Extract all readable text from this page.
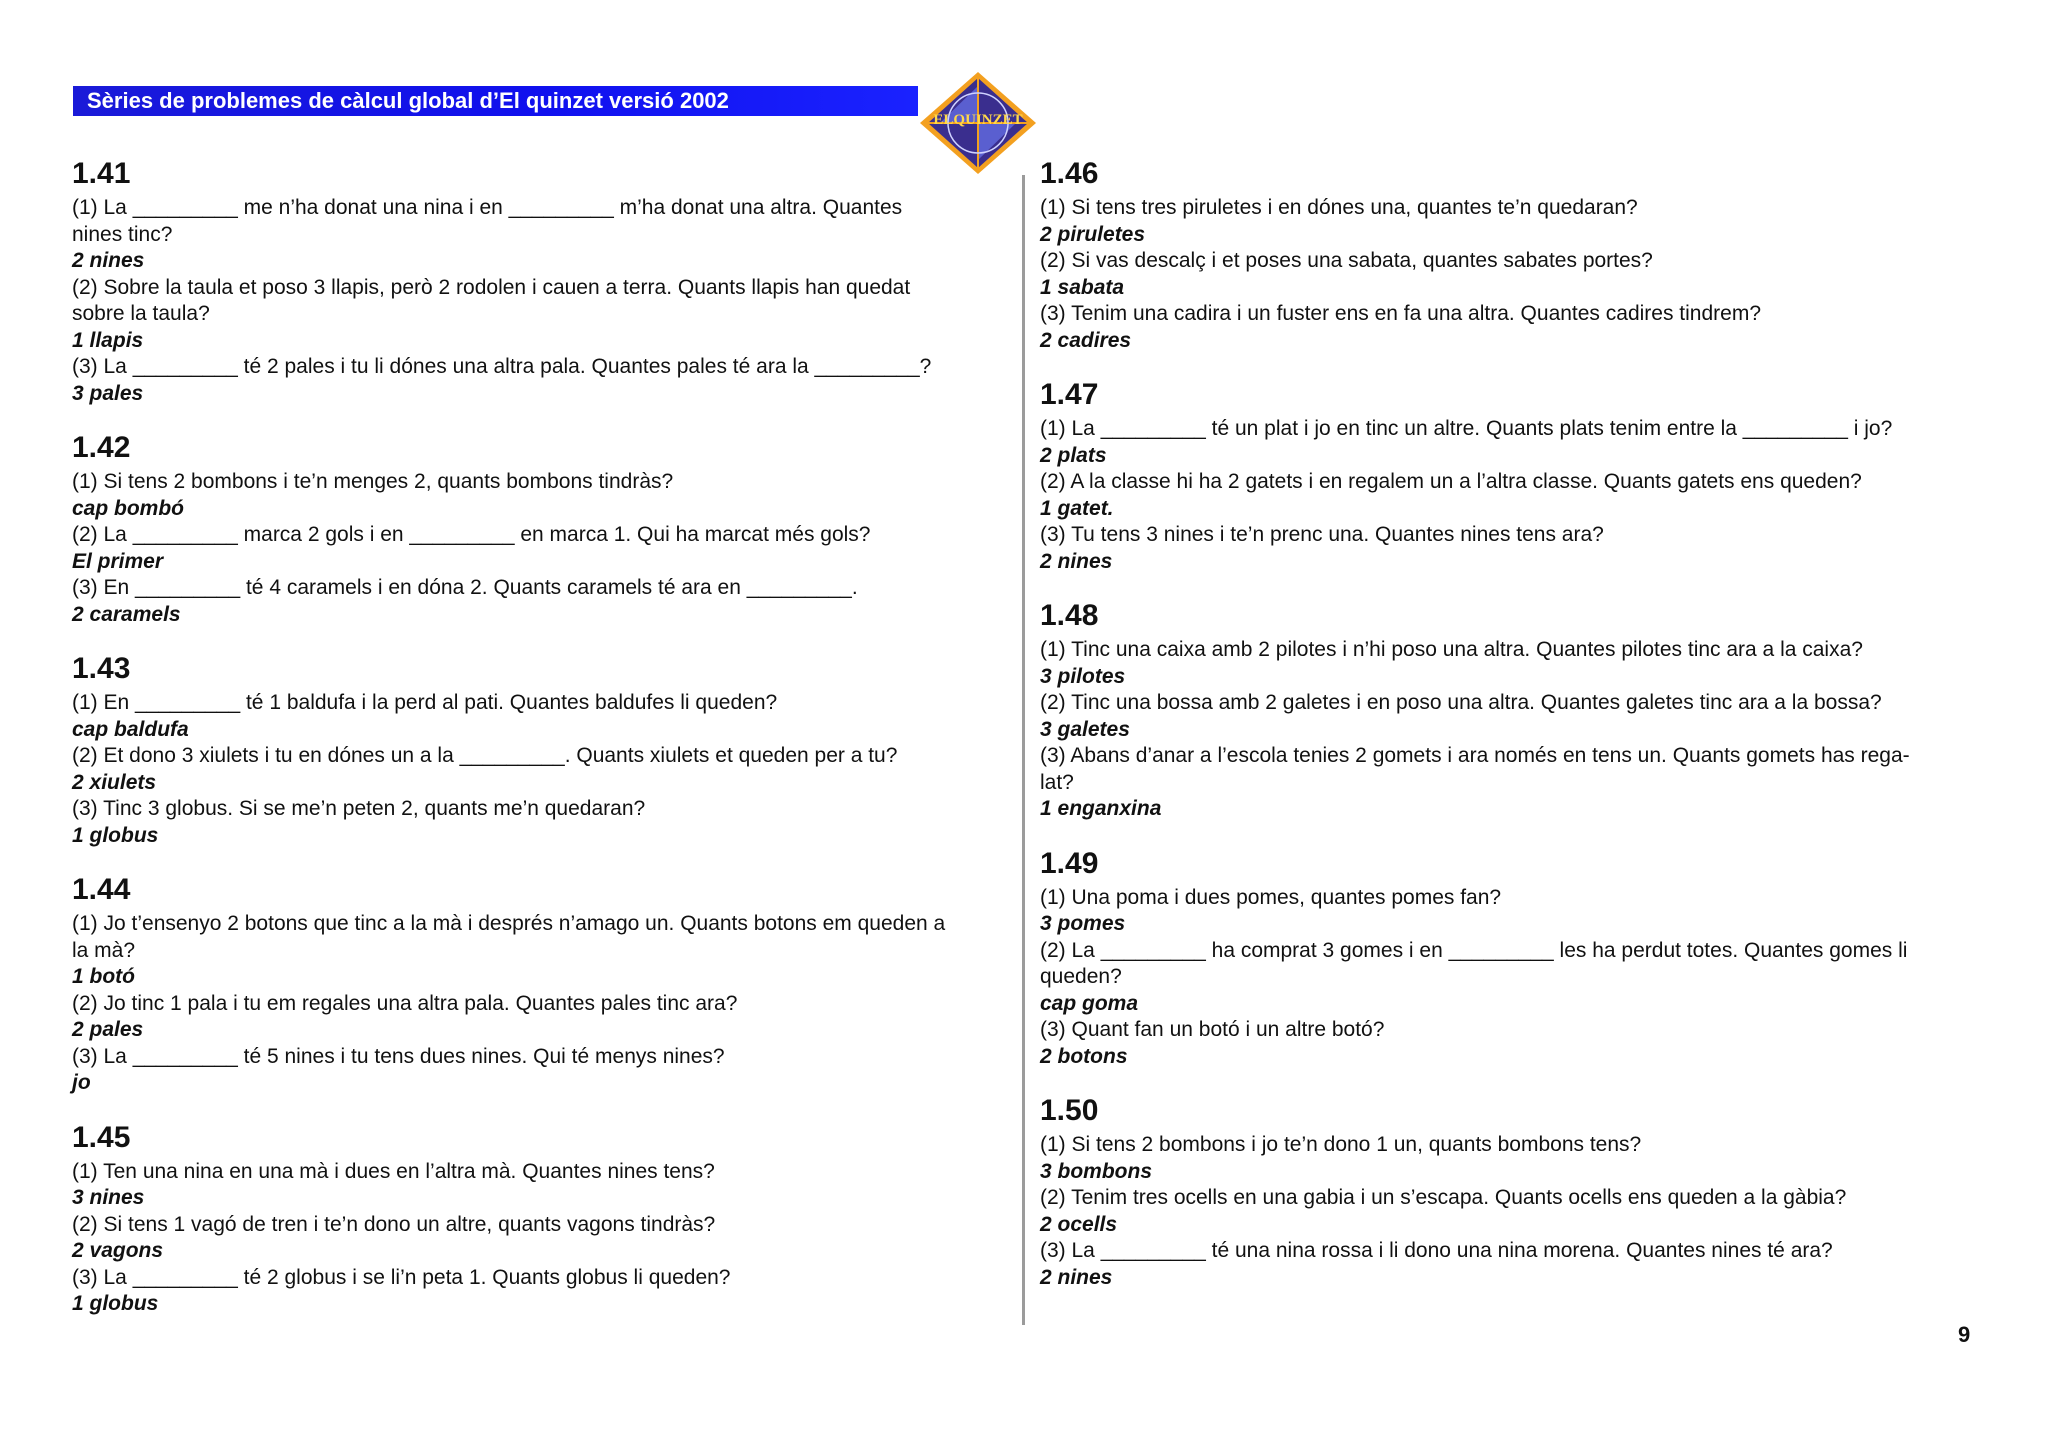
Sèries de problemes de càlcul global d’El quinzet versió 2002
ELQUINZET
1.41
(1) La _________ me n’ha donat una nina i en _________ m’ha donat una altra. Quantes
nines tinc?
2 nines
(2) Sobre la taula et poso 3 llapis, però 2 rodolen i cauen a terra. Quants llapis han quedat
sobre la taula?
1 llapis
(3) La _________ té 2 pales i tu li dónes una altra pala. Quantes pales té ara la _________?
3 pales
1.42
(1) Si tens 2 bombons i te’n menges 2, quants bombons tindràs?
cap bombó
(2) La _________ marca 2 gols i en _________ en marca 1. Qui ha marcat més gols?
El primer
(3) En _________ té 4 caramels i en dóna 2. Quants caramels té ara en _________.
2 caramels
1.43
(1) En _________ té 1 baldufa i la perd al pati. Quantes baldufes li queden?
cap baldufa
(2) Et dono 3 xiulets i tu en dónes un a la _________. Quants xiulets et queden per a tu?
2 xiulets
(3) Tinc 3 globus. Si se me’n peten 2, quants me’n quedaran?
1 globus
1.44
(1) Jo t’ensenyo 2 botons que tinc a la mà i després n’amago un. Quants botons em queden a
la mà?
1 botó
(2) Jo tinc 1 pala i tu em regales una altra pala. Quantes pales tinc ara?
2 pales
(3) La _________ té 5 nines i tu tens dues nines. Qui té menys nines?
jo
1.45
(1) Ten una nina en una mà i dues en l’altra mà. Quantes nines tens?
3 nines
(2) Si tens 1 vagó de tren i te’n dono un altre, quants vagons tindràs?
2 vagons
(3) La _________ té 2 globus i se li’n peta 1. Quants globus li queden?
1 globus
1.46
(1) Si tens tres piruletes i en dónes una, quantes te’n quedaran?
2 piruletes
(2) Si vas descalç i et poses una sabata, quantes sabates portes?
1 sabata
(3) Tenim una cadira i un fuster ens en fa una altra. Quantes cadires tindrem?
2 cadires
1.47
(1) La _________ té un plat i jo en tinc un altre. Quants plats tenim entre la _________ i jo?
2 plats
(2) A la classe hi ha 2 gatets i en regalem un a l’altra classe. Quants gatets ens queden?
1 gatet.
(3) Tu tens 3 nines i te’n prenc una. Quantes nines tens ara?
2 nines
1.48
(1) Tinc una caixa amb 2 pilotes i n’hi poso una altra. Quantes pilotes tinc ara a la caixa?
3 pilotes
(2) Tinc una bossa amb 2 galetes i en poso una altra. Quantes galetes tinc ara a la bossa?
3 galetes
(3) Abans d’anar a l’escola tenies 2 gomets i ara només en tens un. Quants gomets has rega-
lat?
1 enganxina
1.49
(1) Una poma i dues pomes, quantes pomes fan?
3 pomes
(2) La _________ ha comprat 3 gomes i en _________ les ha perdut totes. Quantes gomes li
queden?
cap goma
(3) Quant fan un botó i un altre botó?
2 botons
1.50
(1) Si tens 2 bombons i jo te’n dono 1 un, quants bombons tens?
3 bombons
(2) Tenim tres ocells en una gabia i un s’escapa. Quants ocells ens queden a la gàbia?
2 ocells
(3) La _________ té una nina rossa i li dono una nina morena. Quantes nines té ara?
2 nines
9
